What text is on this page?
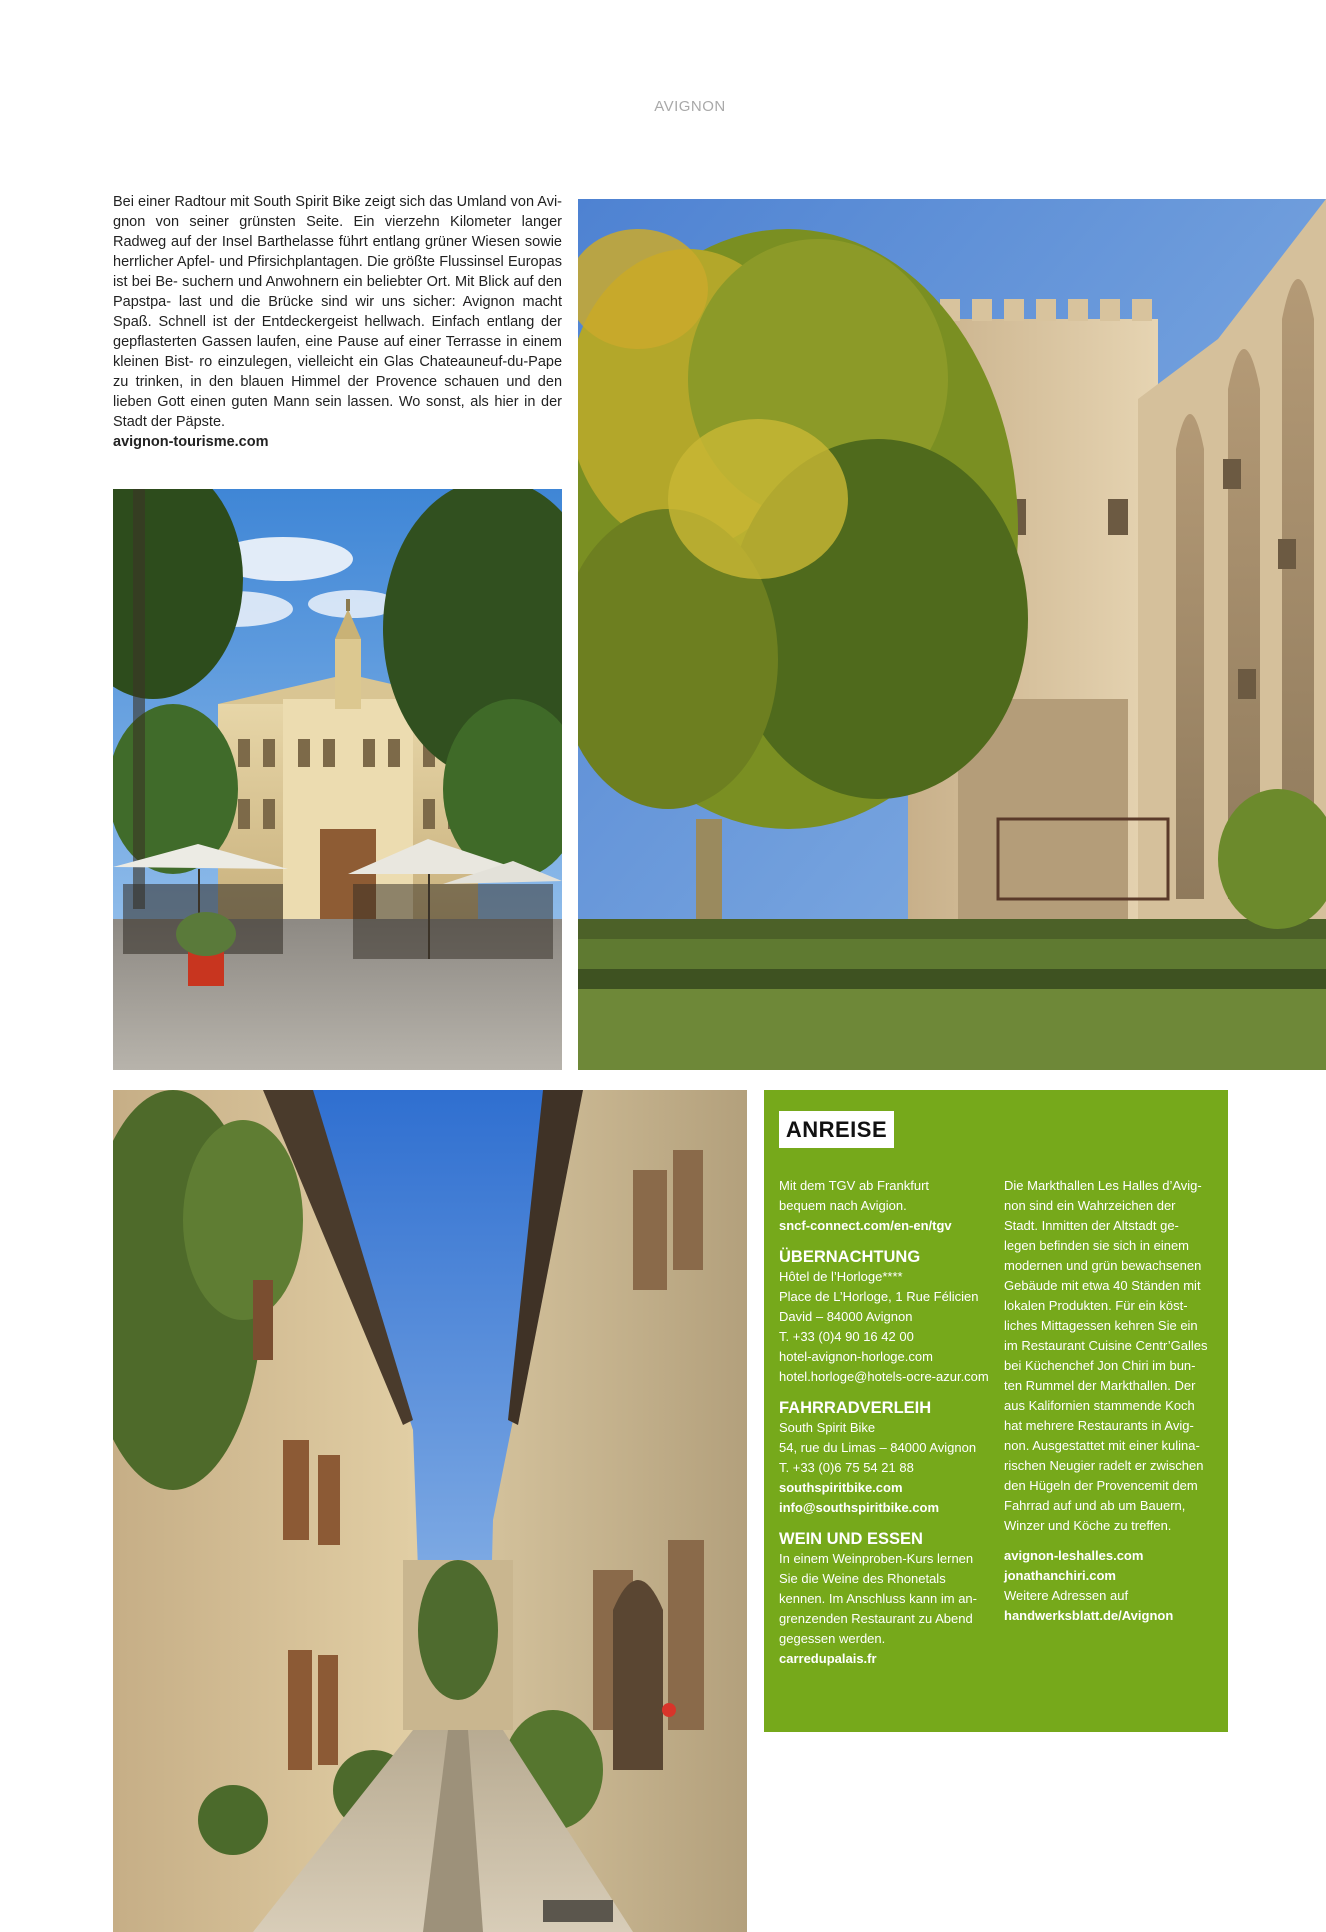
AVIGNON
Bei einer Radtour mit South Spirit Bike zeigt sich das Umland von Avi- gnon von seiner grünsten Seite. Ein vierzehn Kilometer langer Radweg auf der Insel Barthelasse führt entlang grüner Wiesen sowie herrlicher Apfel- und Pfirsichplantagen. Die größte Flussinsel Europas ist bei Be- suchern und Anwohnern ein beliebter Ort. Mit Blick auf den Papstpa- last und die Brücke sind wir uns sicher: Avignon macht Spaß. Schnell ist der Entdeckergeist hellwach. Einfach entlang der gepflasterten Gassen laufen, eine Pause auf einer Terrasse in einem kleinen Bist- ro einzulegen, vielleicht ein Glas Chateauneuf-du-Pape zu trinken, in den blauen Himmel der Provence schauen und den lieben Gott einen guten Mann sein lassen. Wo sonst, als hier in der Stadt der Päpste.
avignon-tourisme.com
ANREISE
Mit dem TGV ab Frankfurt
bequem nach Avigion.
sncf-connect.com/en-en/tgv
ÜBERNACHTUNG
Hôtel de l’Horloge****
Place de L’Horloge, 1 Rue Félicien
David – 84000 Avignon
T. +33 (0)4 90 16 42 00
hotel-avignon-horloge.com
hotel.horloge@hotels-ocre-azur.com
FAHRRADVERLEIH
South Spirit Bike
54, rue du Limas – 84000 Avignon
T. +33 (0)6 75 54 21 88
southspiritbike.com
info@southspiritbike.com
WEIN UND ESSEN
In einem Weinproben-Kurs lernen
Sie die Weine des Rhonetals
kennen. Im Anschluss kann im an-
grenzenden Restaurant zu Abend
gegessen werden.
carredupalais.fr
Die Markthallen Les Halles d’Avig-
non sind ein Wahrzeichen der
Stadt. Inmitten der Altstadt ge-
legen befinden sie sich in einem
modernen und grün bewachsenen
Gebäude mit etwa 40 Ständen mit
lokalen Produkten. Für ein köst-
liches Mittagessen kehren Sie ein
im Restaurant Cuisine Centr’Galles
bei Küchenchef Jon Chiri im bun-
ten Rummel der Markthallen. Der
aus Kalifornien stammende Koch
hat mehrere Restaurants in Avig-
non. Ausgestattet mit einer kulina-
rischen Neugier radelt er zwischen
den Hügeln der Provencemit dem
Fahrrad auf und ab um Bauern,
Winzer und Köche zu treffen.
avignon-leshalles.com
jonathanchiri.com
Weitere Adressen auf
handwerksblatt.de/Avignon
